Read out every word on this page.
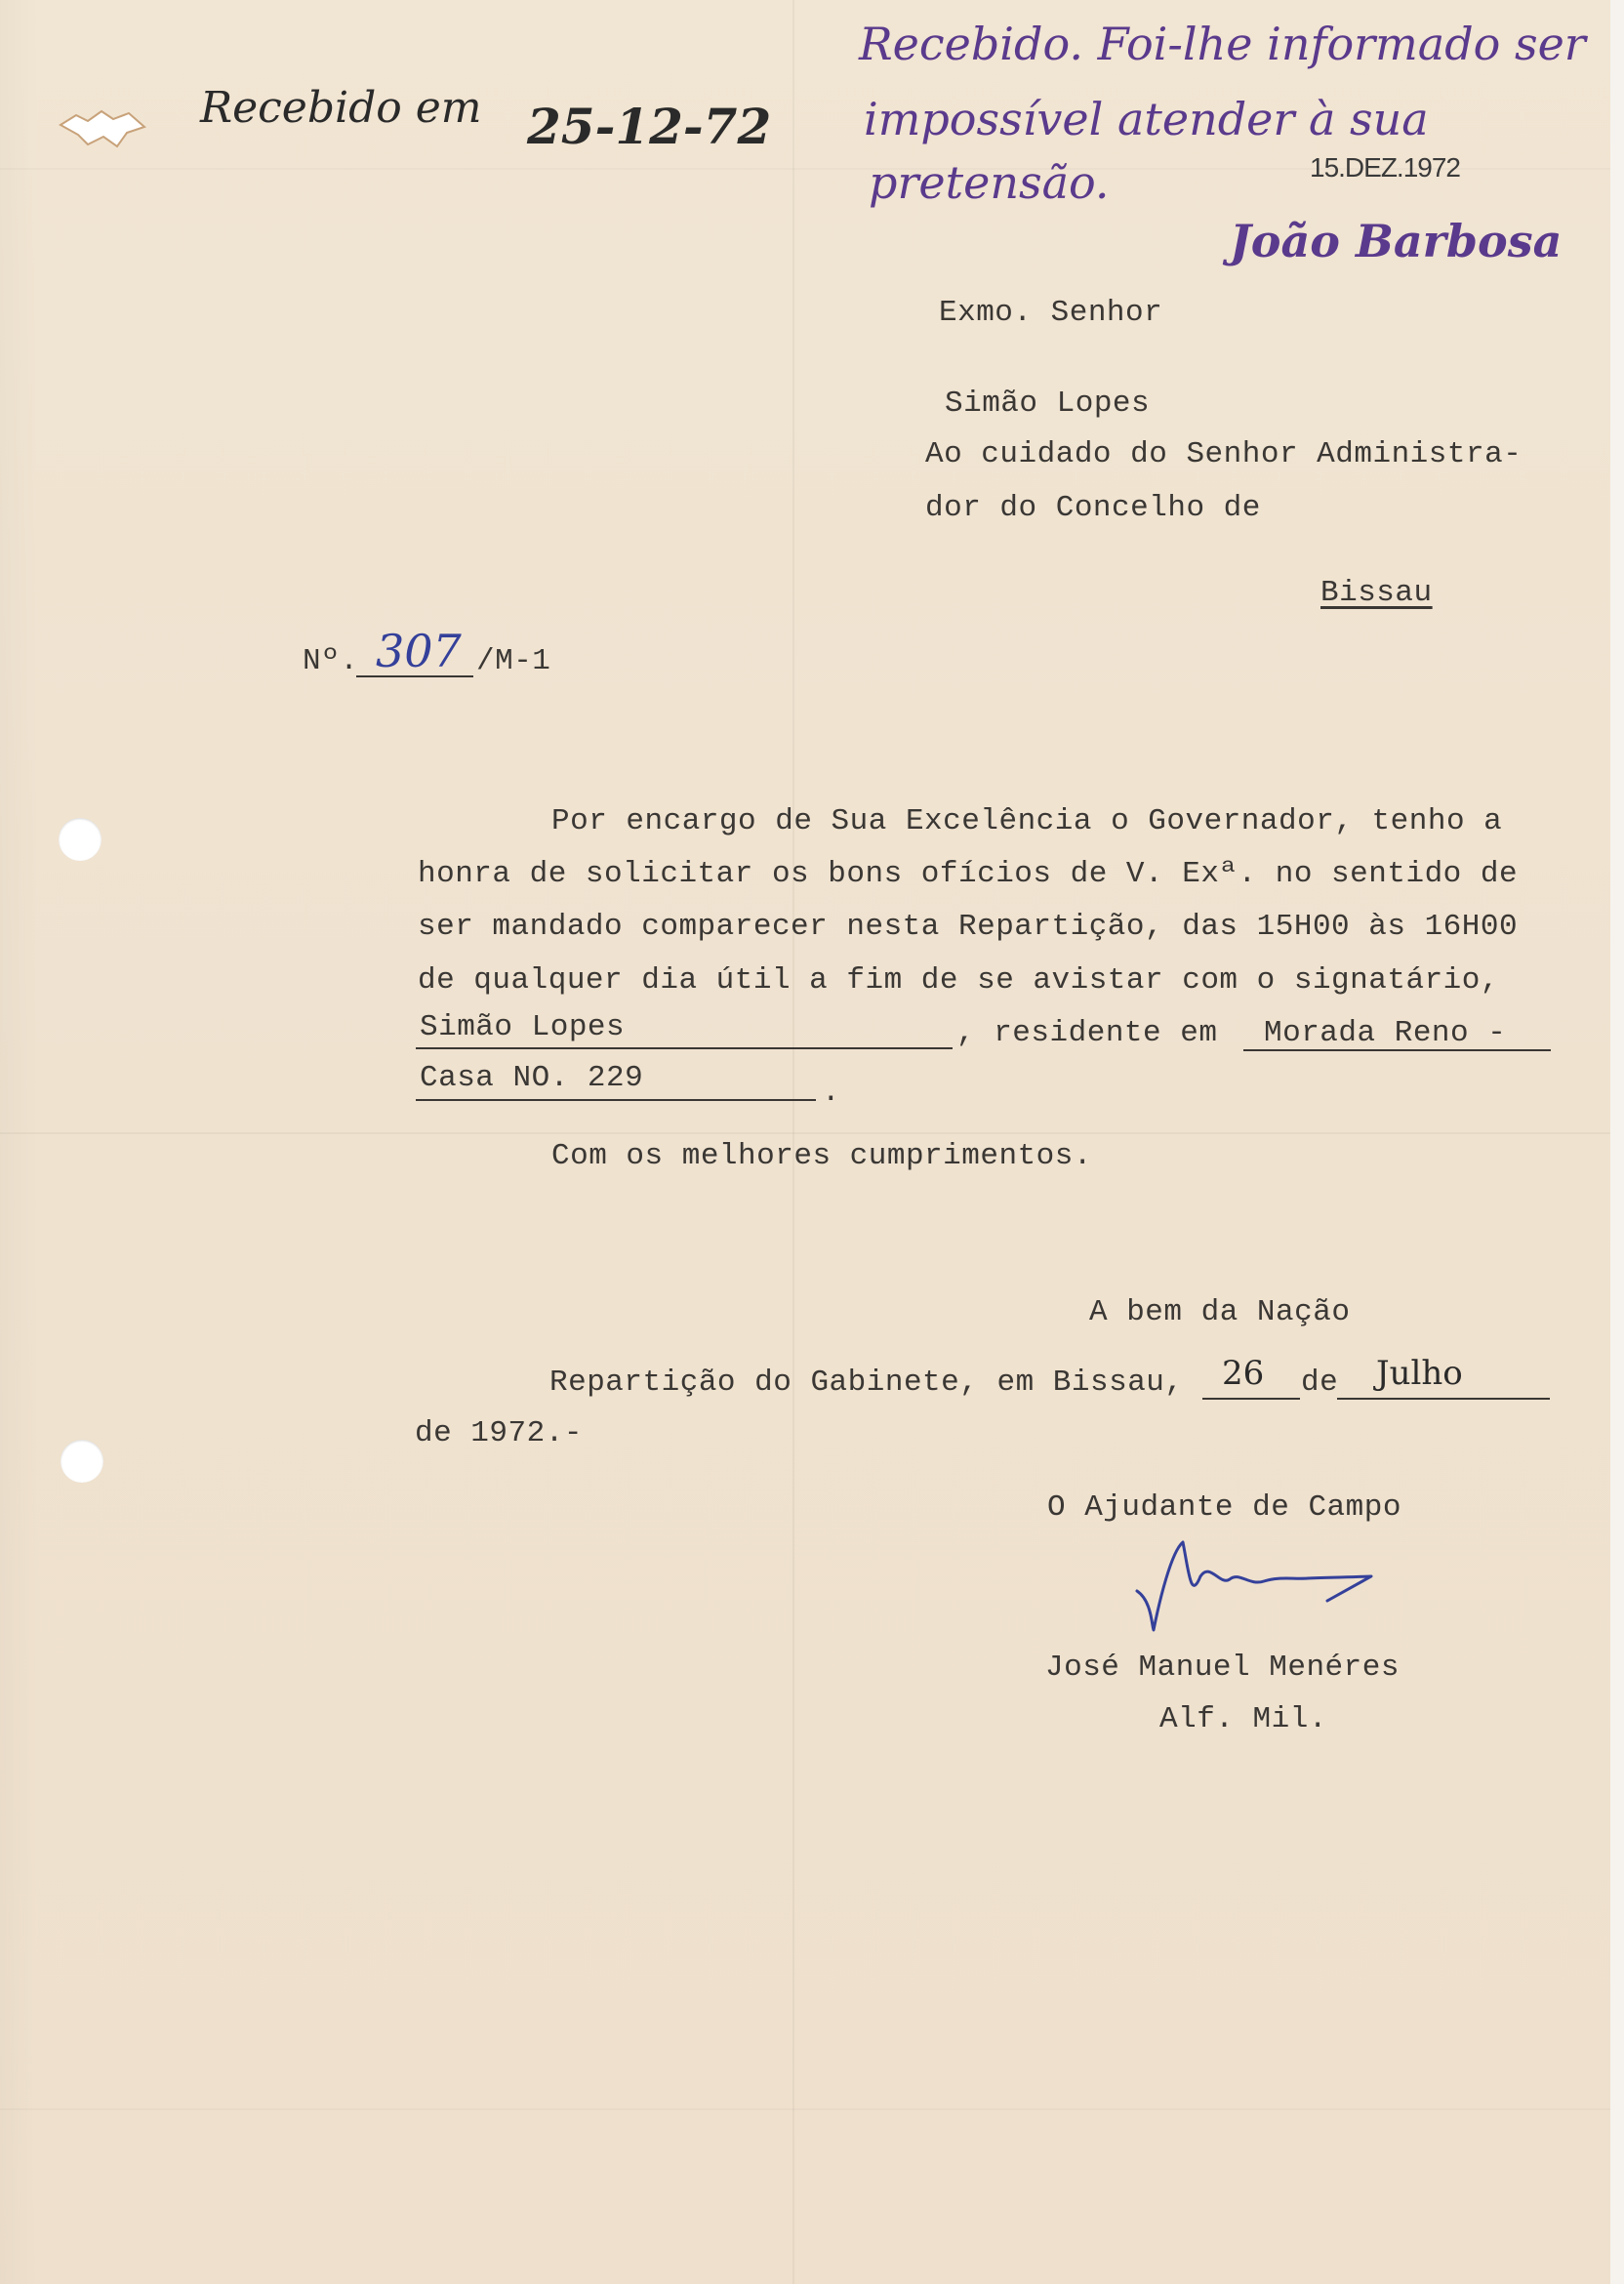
Recebido em 25-12-72
Recebido. Foi-lhe informado ser
impossível atender à sua
pretensão.	15.DEZ.1972
João Barbosa
Exmo. Senhor
Simão Lopes
Ao cuidado do Senhor Administra-
dor do Concelho de
Bissau
Nº. 307 /M-1
Por encargo de Sua Excelência o Governador, tenho a
honra de solicitar os bons ofícios de V. Exª. no sentido de
ser mandado comparecer nesta Repartição, das 15H00 às 16H00
de qualquer dia útil a fim de se avistar com o signatário,
Simão Lopes	, residente em Morada Reno -
Casa NO. 229	.
Com os melhores cumprimentos.
A bem da Nação
Repartição do Gabinete, em Bissau, 26 de Julho
de 1972.-
O Ajudante de Campo
José Manuel Menéres
Alf. Mil.
